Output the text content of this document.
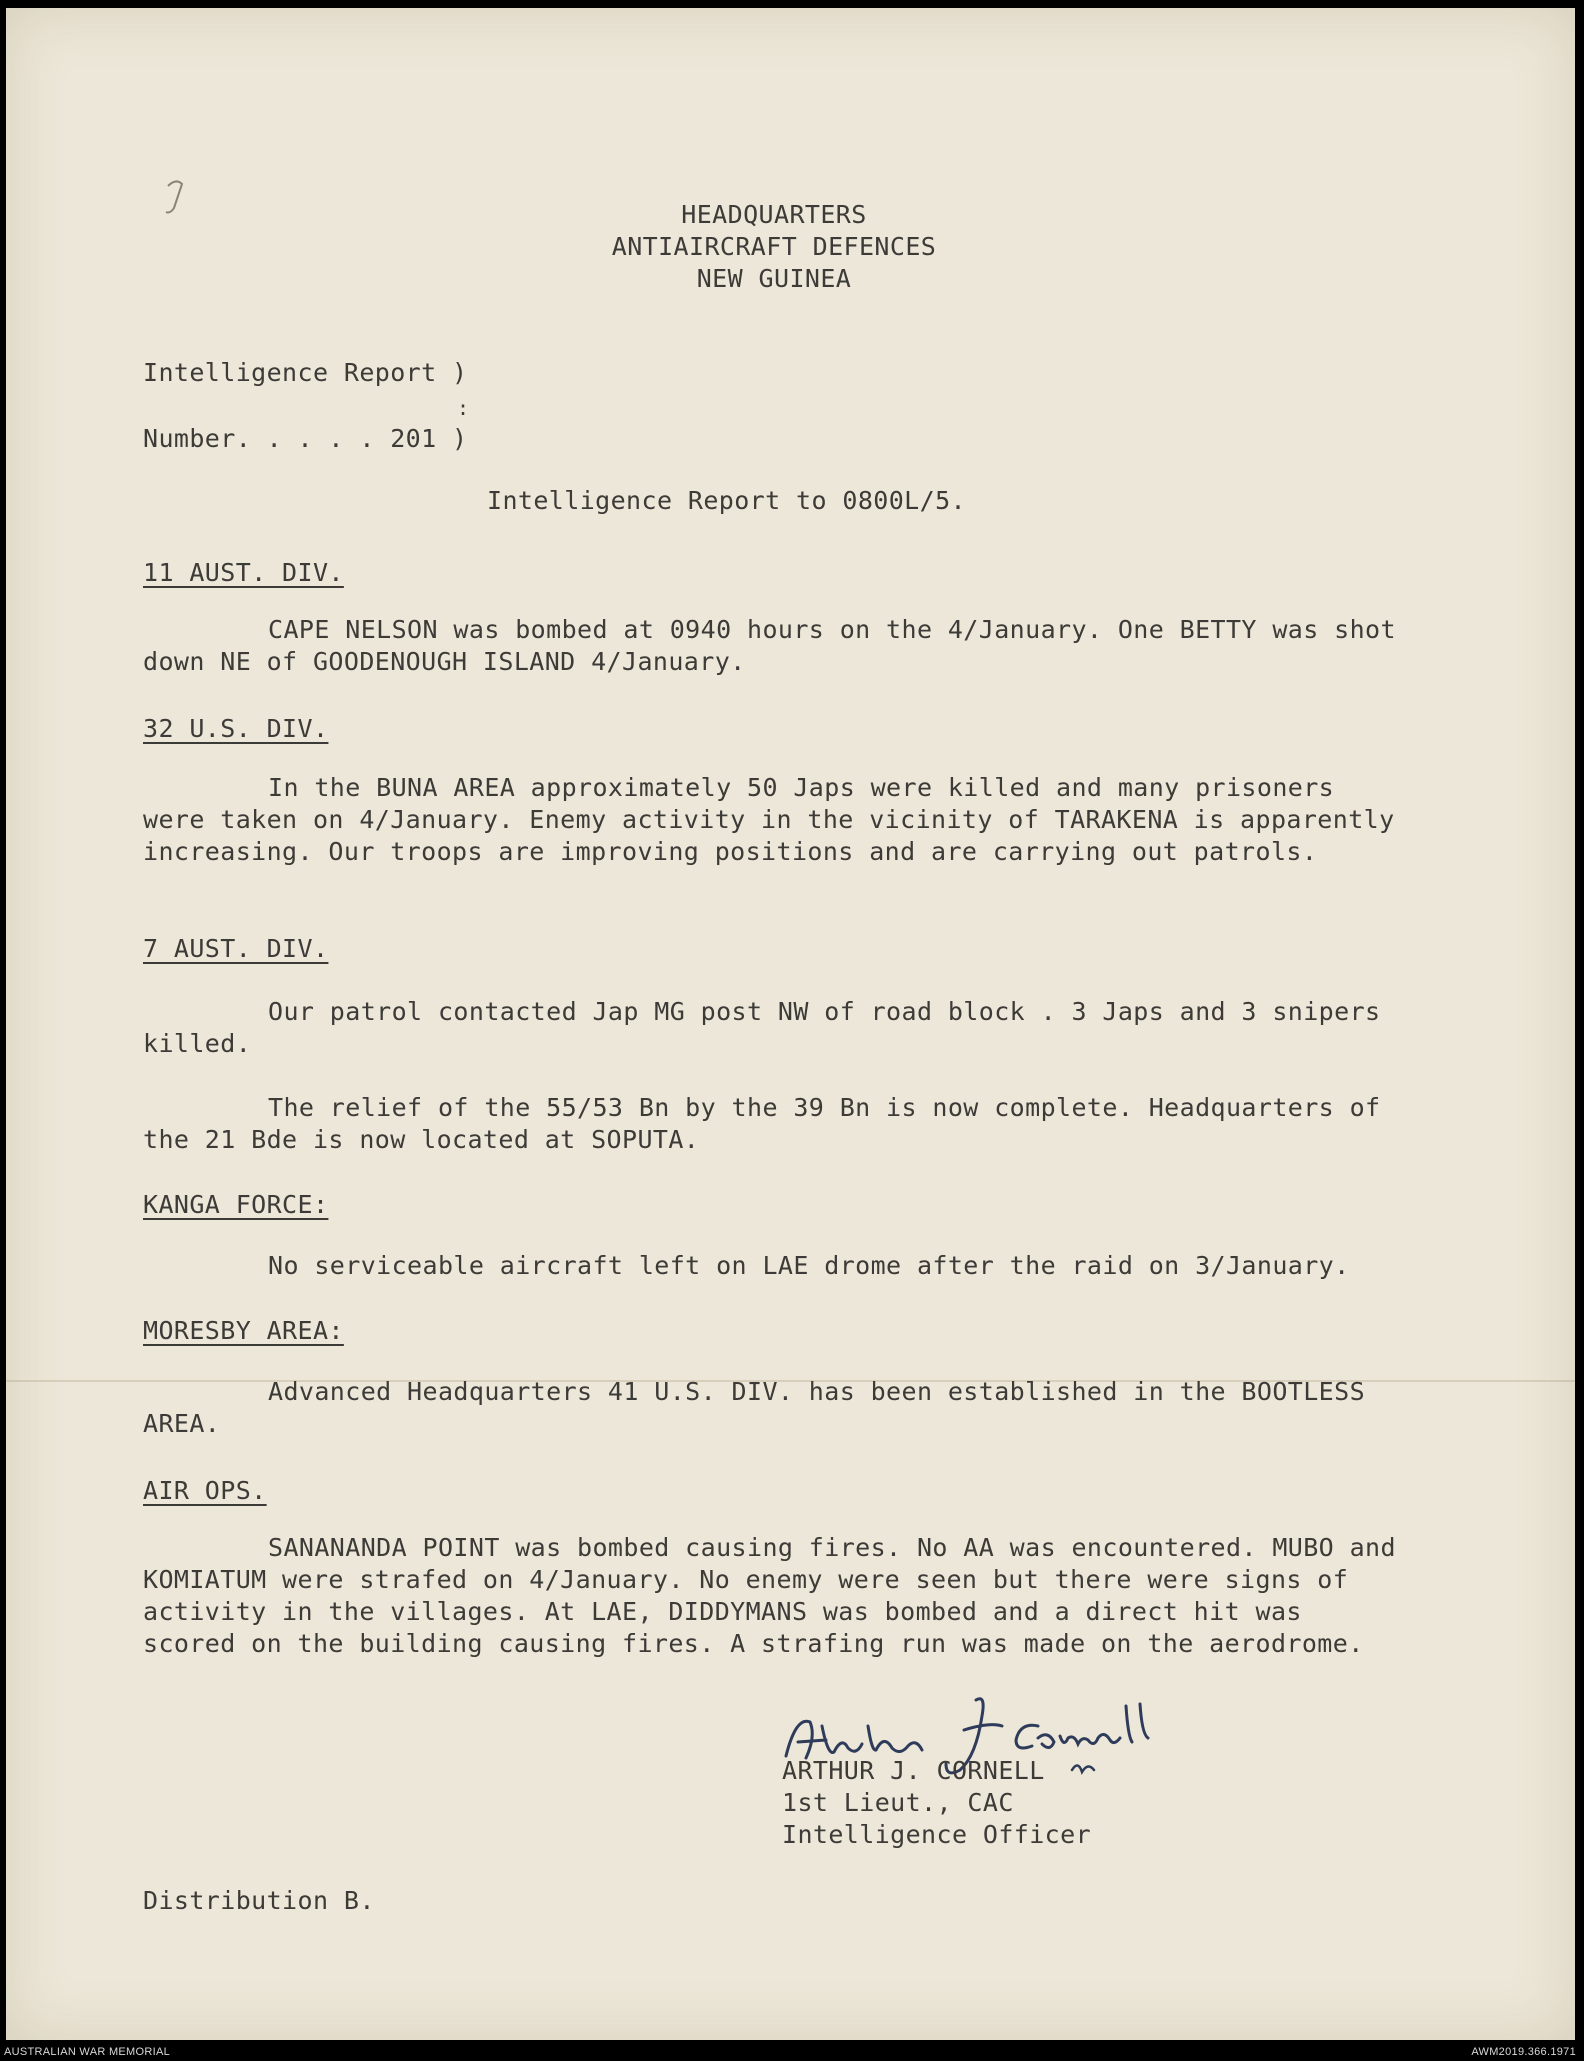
HEADQUARTERS
ANTIAIRCRAFT DEFENCES
NEW GUINEA
Intelligence Report )
:
Number. . . . . 201 )
Intelligence Report to 0800L/5.
11 AUST. DIV.
CAPE NELSON was bombed at 0940 hours on the 4/January. One BETTY was shot down NE of GOODENOUGH ISLAND 4/January.
32 U.S. DIV.
In the BUNA AREA approximately 50 Japs were killed and many prisoners were taken on 4/January. Enemy activity in the vicinity of TARAKENA is apparently increasing. Our troops are improving positions and are carrying out patrols.
7 AUST. DIV.
Our patrol contacted Jap MG post NW of road block . 3 Japs and 3 snipers killed.
The relief of the 55/53 Bn by the 39 Bn is now complete. Headquarters of the 21 Bde is now located at SOPUTA.
KANGA FORCE:
No serviceable aircraft left on LAE drome after the raid on 3/January.
MORESBY AREA:
Advanced Headquarters 41 U.S. DIV. has been established in the BOOTLESS AREA.
AIR OPS.
SANANANDA POINT was bombed causing fires. No AA was encountered. MUBO and KOMIATUM were strafed on 4/January. No enemy were seen but there were signs of activity in the villages. At LAE, DIDDYMANS was bombed and a direct hit was scored on the building causing fires. A strafing run was made on the aerodrome.
ARTHUR J. CORNELL
1st Lieut., CAC
Intelligence Officer
Distribution B.
AUSTRALIAN WAR MEMORIAL	AWM2019.366.1971
